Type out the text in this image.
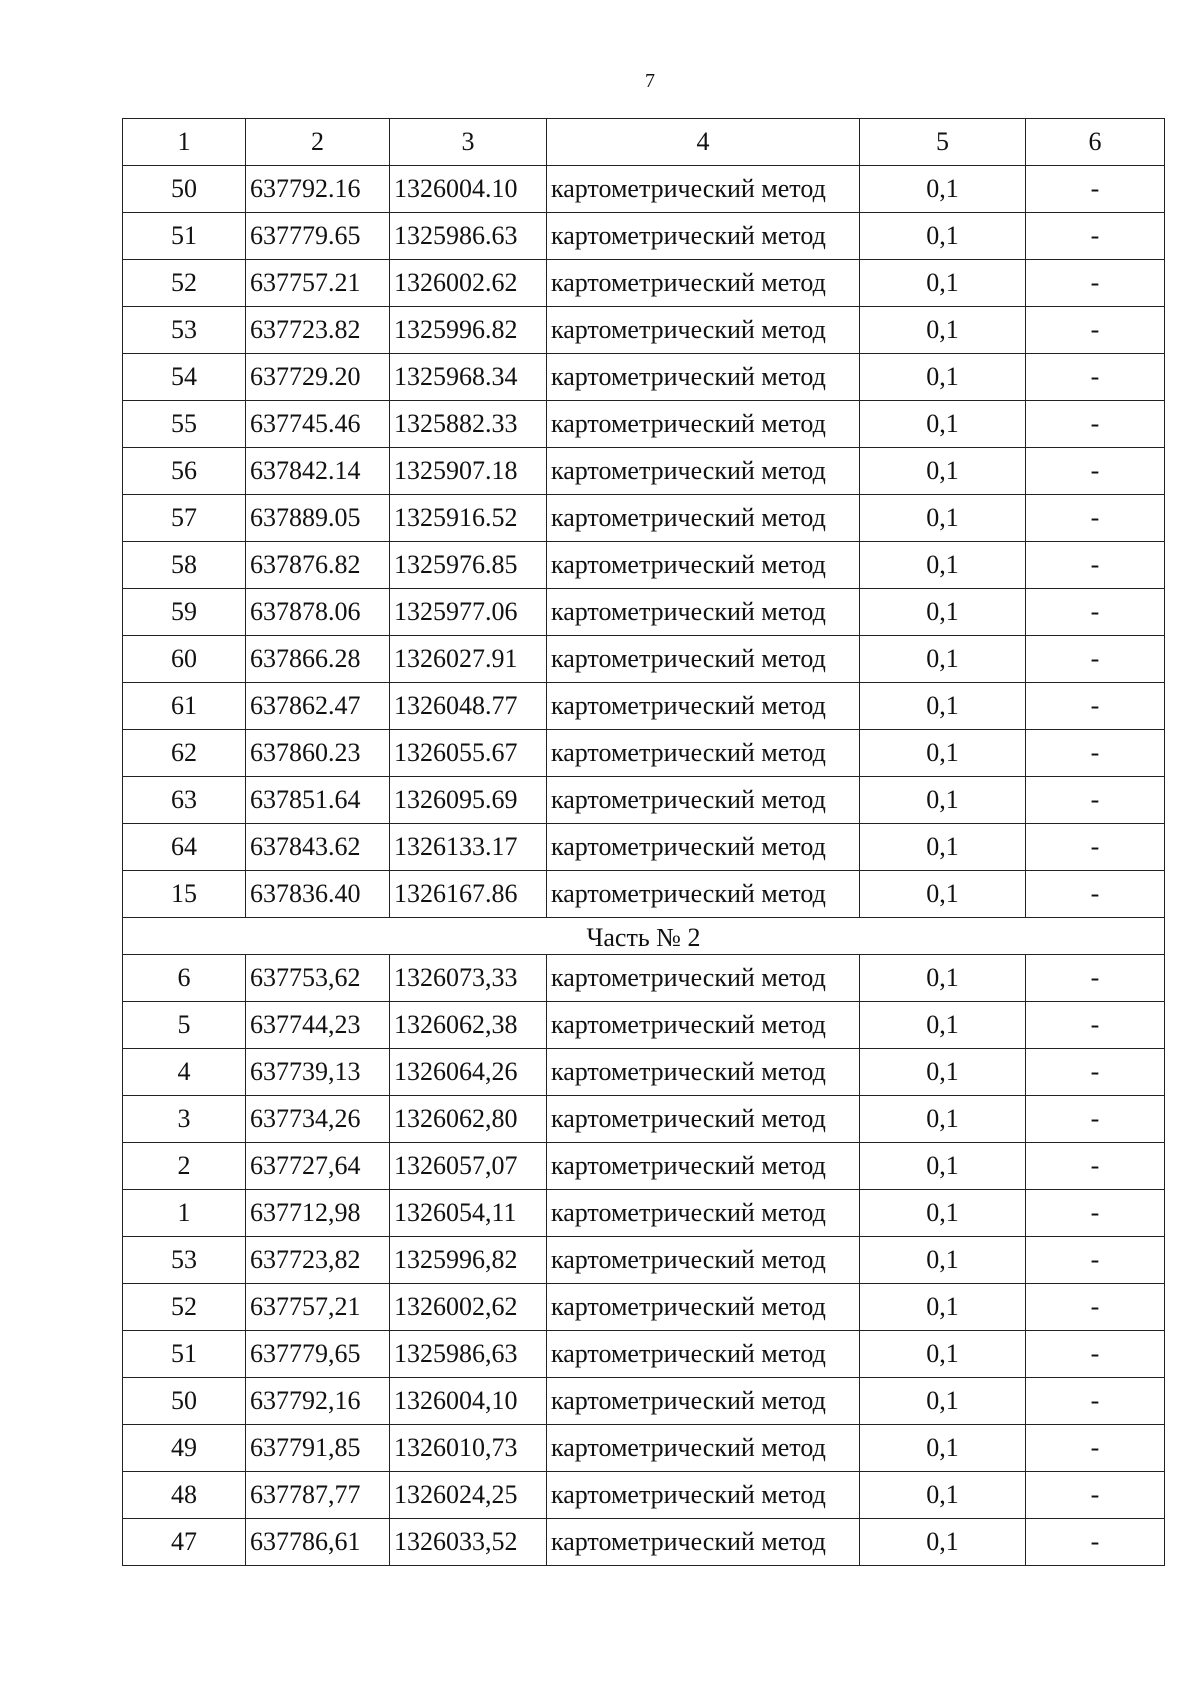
7
1	2	3	4	5	6
50	637792.16	1326004.10	картометрический метод	0,1	-
51	637779.65	1325986.63	картометрический метод	0,1	-
52	637757.21	1326002.62	картометрический метод	0,1	-
53	637723.82	1325996.82	картометрический метод	0,1	-
54	637729.20	1325968.34	картометрический метод	0,1	-
55	637745.46	1325882.33	картометрический метод	0,1	-
56	637842.14	1325907.18	картометрический метод	0,1	-
57	637889.05	1325916.52	картометрический метод	0,1	-
58	637876.82	1325976.85	картометрический метод	0,1	-
59	637878.06	1325977.06	картометрический метод	0,1	-
60	637866.28	1326027.91	картометрический метод	0,1	-
61	637862.47	1326048.77	картометрический метод	0,1	-
62	637860.23	1326055.67	картометрический метод	0,1	-
63	637851.64	1326095.69	картометрический метод	0,1	-
64	637843.62	1326133.17	картометрический метод	0,1	-
15	637836.40	1326167.86	картометрический метод	0,1	-
Часть № 2					
6	637753,62	1326073,33	картометрический метод	0,1	-
5	637744,23	1326062,38	картометрический метод	0,1	-
4	637739,13	1326064,26	картометрический метод	0,1	-
3	637734,26	1326062,80	картометрический метод	0,1	-
2	637727,64	1326057,07	картометрический метод	0,1	-
1	637712,98	1326054,11	картометрический метод	0,1	-
53	637723,82	1325996,82	картометрический метод	0,1	-
52	637757,21	1326002,62	картометрический метод	0,1	-
51	637779,65	1325986,63	картометрический метод	0,1	-
50	637792,16	1326004,10	картометрический метод	0,1	-
49	637791,85	1326010,73	картометрический метод	0,1	-
48	637787,77	1326024,25	картометрический метод	0,1	-
47	637786,61	1326033,52	картометрический метод	0,1	-
